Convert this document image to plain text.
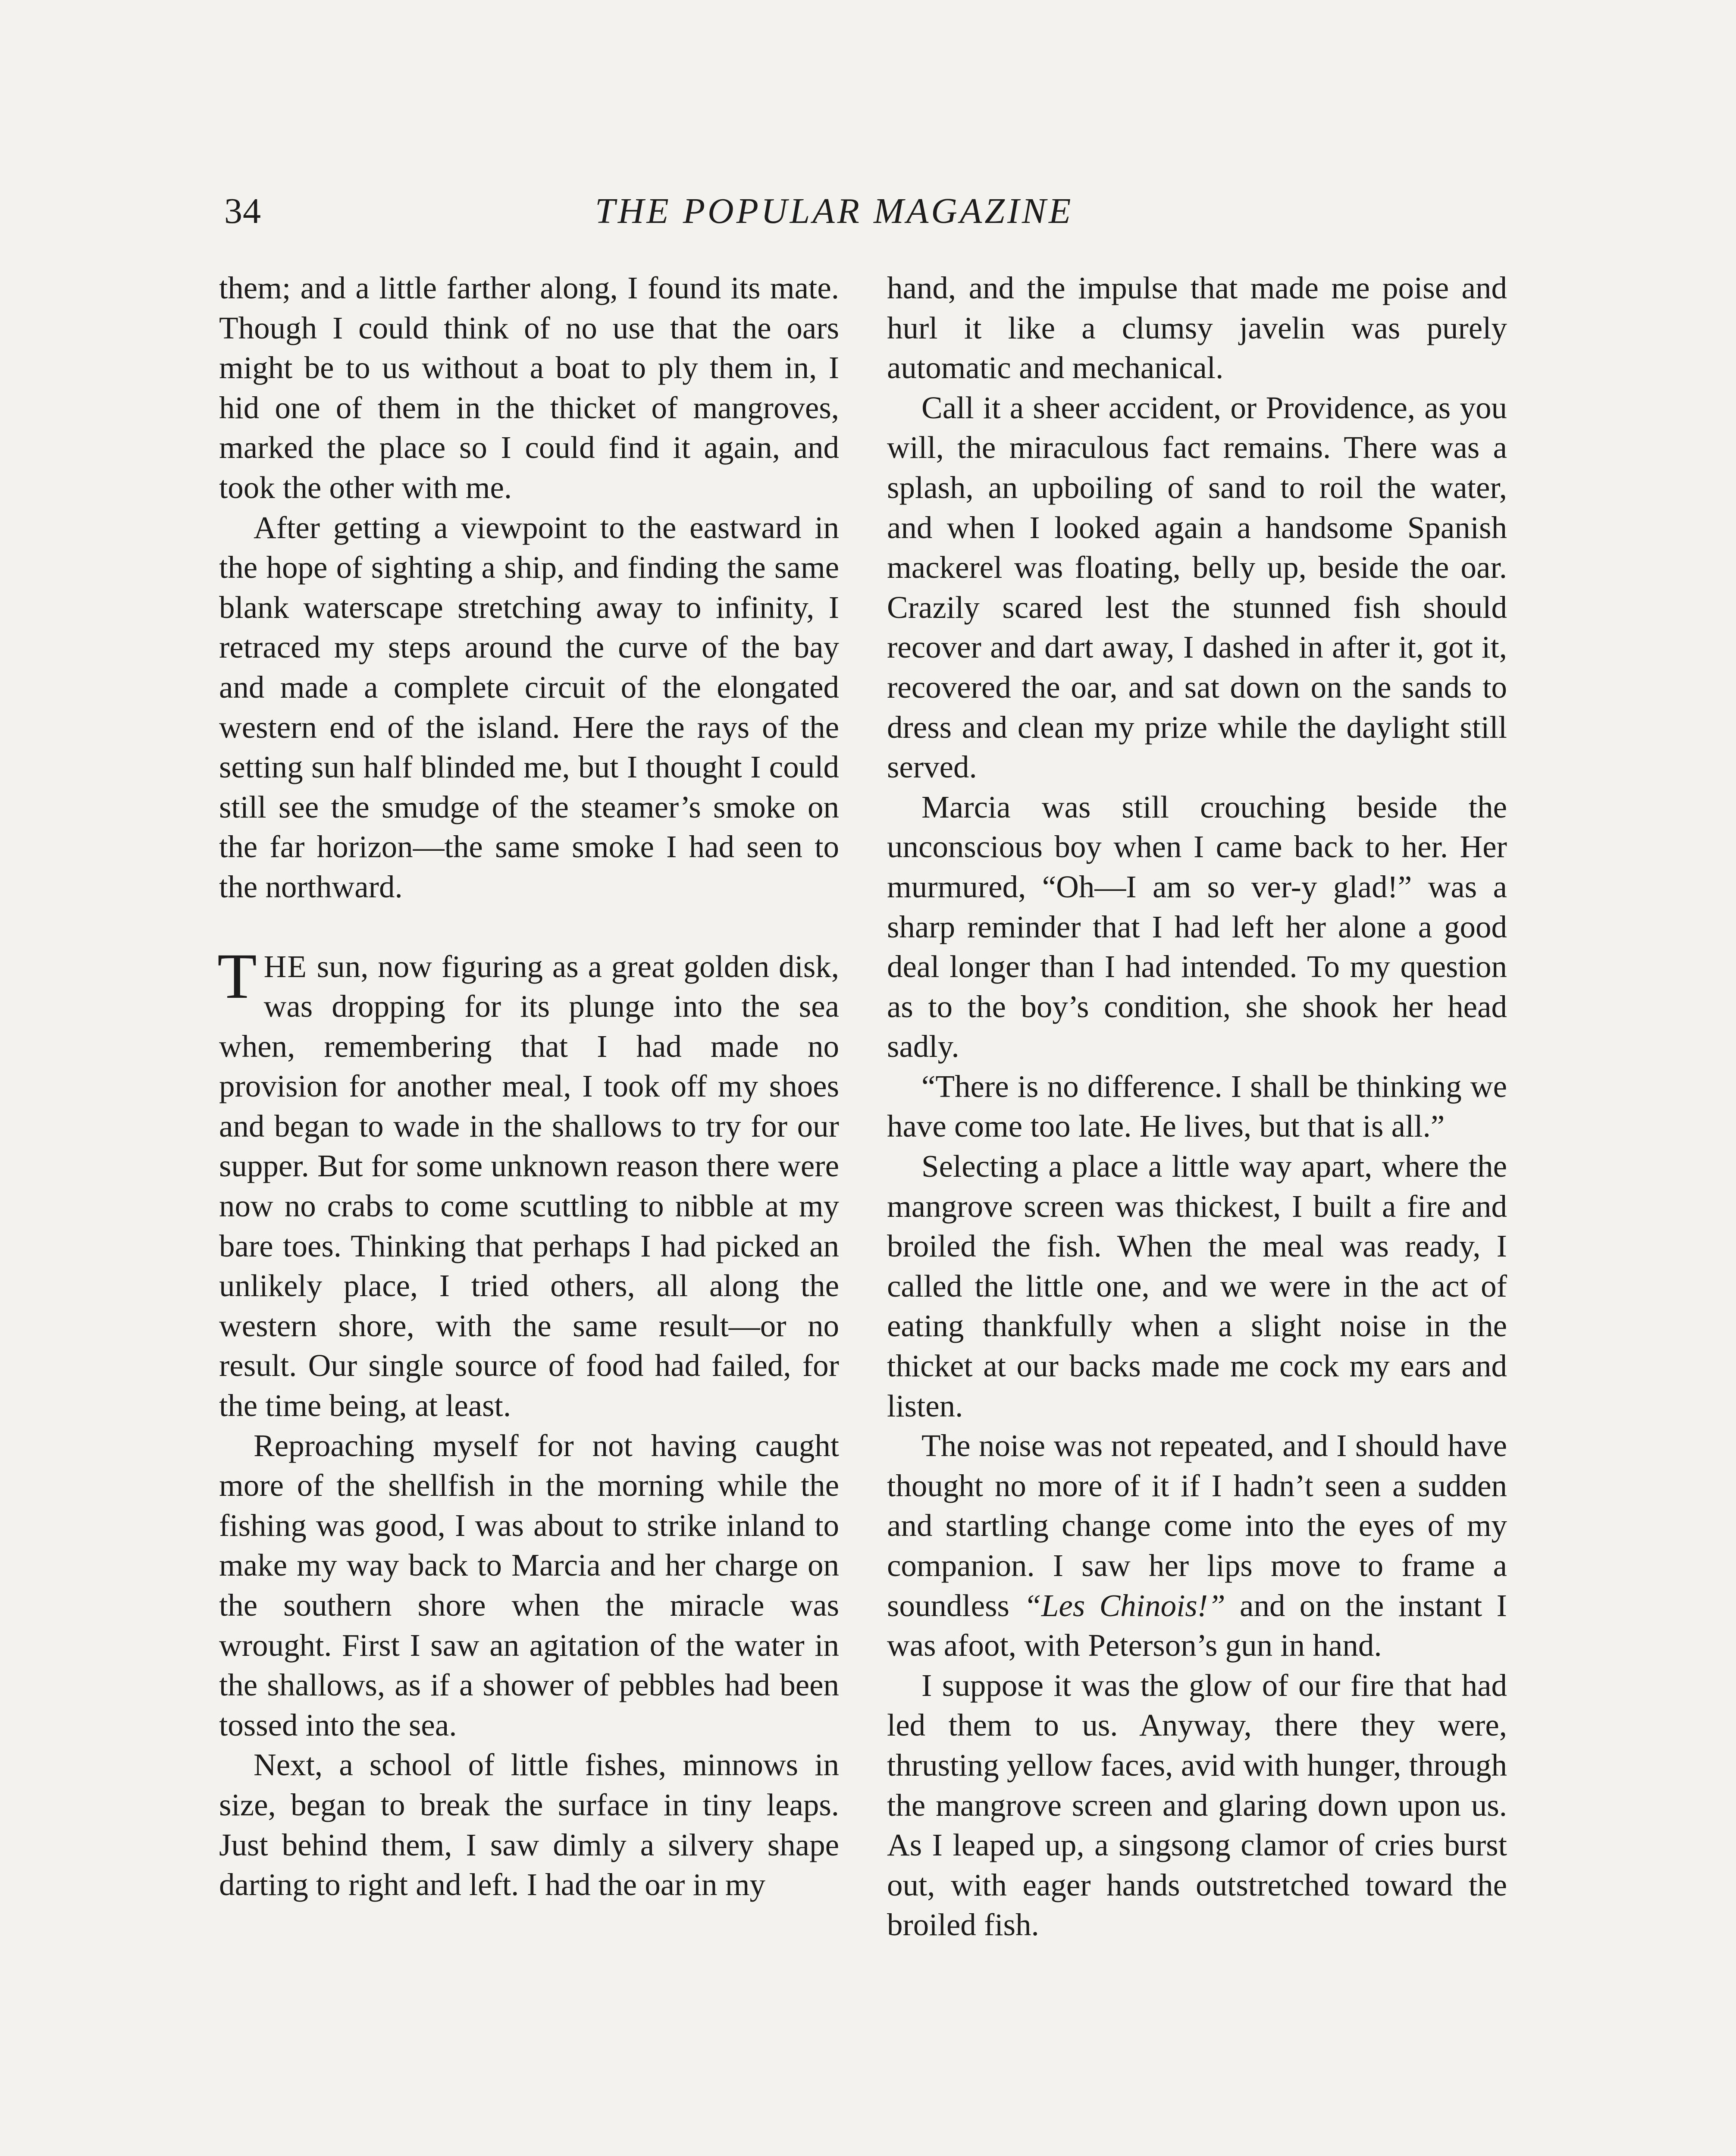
34	THE POPULAR MAGAZINE

them; and a little farther along, I found its mate. Though I could think of no use that the oars might be to us without a boat to ply them in, I hid one of them in the thicket of mangroves, marked the place so I could find it again, and took the other with me.

After getting a viewpoint to the eastward in the hope of sighting a ship, and finding the same blank waterscape stretching away to infinity, I retraced my steps around the curve of the bay and made a complete circuit of the elongated western end of the island. Here the rays of the setting sun half blinded me, but I thought I could still see the smudge of the steamer’s smoke on the far horizon—the same smoke I had seen to the northward.

THE sun, now figuring as a great golden disk, was dropping for its plunge into the sea when, remembering that I had made no provision for another meal, I took off my shoes and began to wade in the shallows to try for our supper. But for some unknown reason there were now no crabs to come scuttling to nibble at my bare toes. Thinking that perhaps I had picked an unlikely place, I tried others, all along the western shore, with the same result—or no result. Our single source of food had failed, for the time being, at least.

Reproaching myself for not having caught more of the shellfish in the morning while the fishing was good, I was about to strike inland to make my way back to Marcia and her charge on the southern shore when the miracle was wrought. First I saw an agitation of the water in the shallows, as if a shower of pebbles had been tossed into the sea.

Next, a school of little fishes, minnows in size, began to break the surface in tiny leaps. Just behind them, I saw dimly a silvery shape darting to right and left. I had the oar in my

hand, and the impulse that made me poise and hurl it like a clumsy javelin was purely automatic and mechanical.

Call it a sheer accident, or Providence, as you will, the miraculous fact remains. There was a splash, an upboiling of sand to roil the water, and when I looked again a handsome Spanish mackerel was floating, belly up, beside the oar. Crazily scared lest the stunned fish should recover and dart away, I dashed in after it, got it, recovered the oar, and sat down on the sands to dress and clean my prize while the daylight still served.

Marcia was still crouching beside the unconscious boy when I came back to her. Her murmured, “Oh—I am so ver-y glad!” was a sharp reminder that I had left her alone a good deal longer than I had intended. To my question as to the boy’s condition, she shook her head sadly.

“There is no difference. I shall be thinking we have come too late. He lives, but that is all.”

Selecting a place a little way apart, where the mangrove screen was thickest, I built a fire and broiled the fish. When the meal was ready, I called the little one, and we were in the act of eating thankfully when a slight noise in the thicket at our backs made me cock my ears and listen.

The noise was not repeated, and I should have thought no more of it if I hadn’t seen a sudden and startling change come into the eyes of my companion. I saw her lips move to frame a soundless “Les Chinois!” and on the instant I was afoot, with Peterson’s gun in hand.

I suppose it was the glow of our fire that had led them to us. Anyway, there they were, thrusting yellow faces, avid with hunger, through the mangrove screen and glaring down upon us. As I leaped up, a singsong clamor of cries burst out, with eager hands outstretched toward the broiled fish.
